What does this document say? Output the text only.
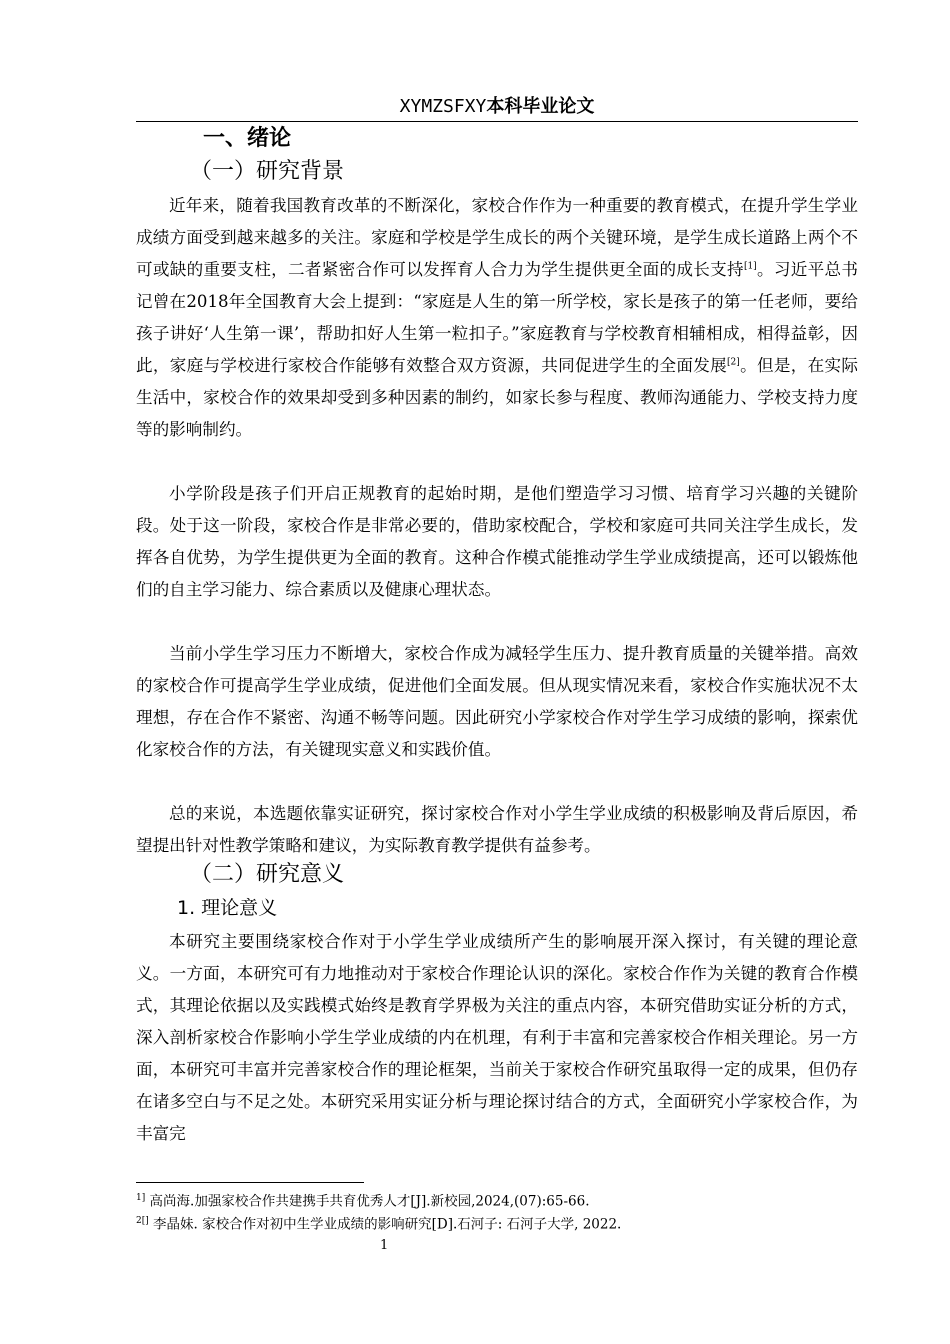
XYMZSFXY本科毕业论文
一、绪论
（一）研究背景
近年来，随着我国教育改革的不断深化，家校合作作为一种重要的教育模式，在提升学生学业成绩方面受到越来越多的关注。家庭和学校是学生成长的两个关键环境，是学生成长道路上两个不可或缺的重要支柱，二者紧密合作可以发挥育人合力为学生提供更全面的成长支持[1]。习近平总书记曾在2018年全国教育大会上提到：“家庭是人生的第一所学校，家长是孩子的第一任老师，要给孩子讲好‘人生第一课’，帮助扣好人生第一粒扣子。”家庭教育与学校教育相辅相成，相得益彰，因此，家庭与学校进行家校合作能够有效整合双方资源，共同促进学生的全面发展[2]。但是，在实际生活中，家校合作的效果却受到多种因素的制约，如家长参与程度、教师沟通能力、学校支持力度等的影响制约。
小学阶段是孩子们开启正规教育的起始时期，是他们塑造学习习惯、培育学习兴趣的关键阶段。处于这一阶段，家校合作是非常必要的，借助家校配合，学校和家庭可共同关注学生成长，发挥各自优势，为学生提供更为全面的教育。这种合作模式能推动学生学业成绩提高，还可以锻炼他们的自主学习能力、综合素质以及健康心理状态。
当前小学生学习压力不断增大，家校合作成为减轻学生压力、提升教育质量的关键举措。高效的家校合作可提高学生学业成绩，促进他们全面发展。但从现实情况来看，家校合作实施状况不太理想，存在合作不紧密、沟通不畅等问题。因此研究小学家校合作对学生学习成绩的影响，探索优化家校合作的方法，有关键现实意义和实践价值。
总的来说，本选题依靠实证研究，探讨家校合作对小学生学业成绩的积极影响及背后原因，希望提出针对性教学策略和建议，为实际教育教学提供有益参考。
（二）研究意义
1. 理论意义
本研究主要围绕家校合作对于小学生学业成绩所产生的影响展开深入探讨，有关键的理论意义。一方面，本研究可有力地推动对于家校合作理论认识的深化。家校合作作为关键的教育合作模式，其理论依据以及实践模式始终是教育学界极为关注的重点内容，本研究借助实证分析的方式，深入剖析家校合作影响小学生学业成绩的内在机理，有利于丰富和完善家校合作相关理论。另一方面，本研究可丰富并完善家校合作的理论框架，当前关于家校合作研究虽取得一定的成果，但仍存在诸多空白与不足之处。本研究采用实证分析与理论探讨结合的方式，全面研究小学家校合作，为丰富完
$^{1]}$ 高尚海.加强家校合作共建携手共育优秀人才[J].新校园,2024,(07):65-66.
$^{2[]}$ 李晶妹. 家校合作对初中生学业成绩的影响研究[D].石河子: 石河子大学, 2022.
1
